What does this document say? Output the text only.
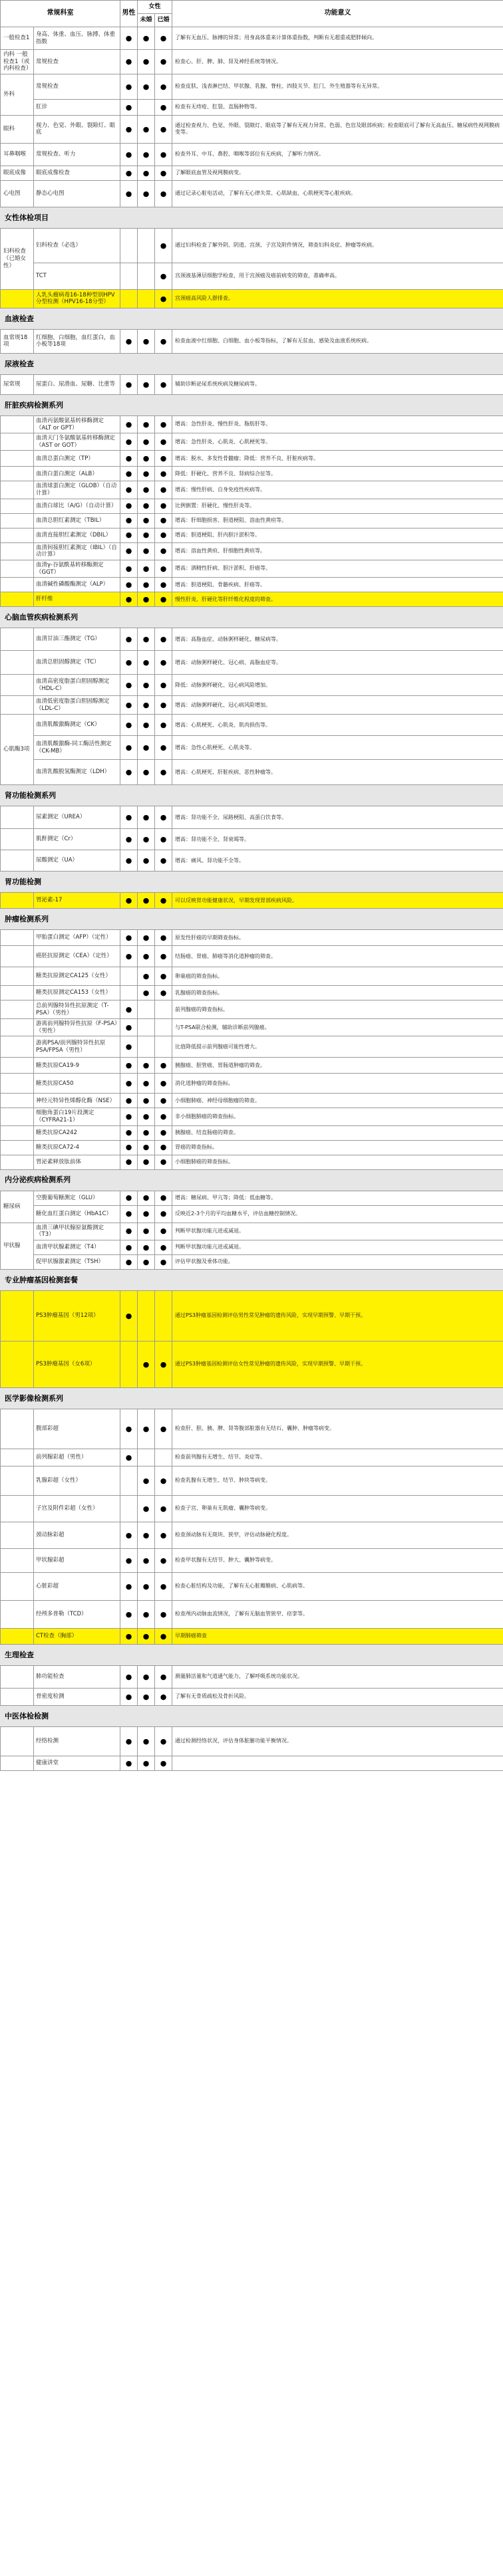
常规科室		男性	女性		功能意义
			未婚	已婚	
一般检查1	身高、体重、血压、脉搏、体重指数	●	●	●	了解有无血压、脉搏的异常；用身高体重来计算体重指数，判断有无超重或肥胖倾向。
内科 一般检查1（或内科检查）	常规检查	●	●	●	检查心、肝、脾、肺、肾及神经系统等情况。
外科	常规检查	●	●	●	检查皮肤、浅表淋巴结、甲状腺、乳腺、脊柱、四肢关节、肛门、外生殖器等有无异常。
	肛诊	●		●	检查有无痔疮、肛裂、直肠肿物等。
眼科	视力、色觉、外眼、裂隙灯、眼底	●	●	●	通过检查视力、色觉、外眼、裂隙灯、眼底等了解有无视力异常、色弱、色盲及眼部疾病；检查眼底可了解有无高血压、糖尿病性视网膜病变等。
耳鼻咽喉	常规检查、听力	●	●	●	检查外耳、中耳、鼻腔、咽喉等部位有无疾病，了解听力情况。
眼底成像	眼底成像检查	●	●	●	了解眼底血管及视网膜病变。
心电图	静态心电图	●	●	●	通过记录心脏电活动，了解有无心律失常、心肌缺血、心肌梗死等心脏疾病。
女性体检项目					
妇科检查（已婚女性）	妇科检查（必选）			●	通过妇科检查了解外阴、阴道、宫颈、子宫及附件情况，筛查妇科炎症、肿瘤等疾病。
	TCT			●	宫颈液基薄层细胞学检查，用于宫颈癌及癌前病变的筛查，准确率高。
	人乳头瘤病毒16-18种型别HPV分型检测（HPV16-18分型）			●	宫颈癌高风险人群排查。
血液检查					
血常规18项	红细胞，白细胞，血红蛋白，血小板等18项	●	●	●	检查血液中红细胞、白细胞、血小板等指标，了解有无贫血、感染及血液系统疾病。
尿液检查					
尿常规	尿蛋白、尿潜血、尿糖、比重等	●	●	●	辅助诊断泌尿系统疾病及糖尿病等。
肝脏疾病检测系列					
	血清丙氨酸氨基转移酶测定（ALT or GPT）	●	●	●	增高：急性肝炎、慢性肝炎、脂肪肝等。
	血清天门冬氨酸氨基转移酶测定（AST or GOT）	●	●	●	增高：急性肝炎、心肌炎、心肌梗死等。
	血清总蛋白测定（TP）	●	●	●	增高：脱水、多发性骨髓瘤；降低：营养不良、肝脏疾病等。
	血清白蛋白测定（ALB）	●	●	●	降低：肝硬化、营养不良、肾病综合征等。
	血清球蛋白测定（GLOB）（自动计算）	●	●	●	增高：慢性肝病、自身免疫性疾病等。
	血清白球比（A/G）（自动计算）	●	●	●	比例倒置：肝硬化、慢性肝炎等。
	血清总胆红素测定（TBIL）	●	●	●	增高：肝细胞损害、胆道梗阻、溶血性黄疸等。
	血清直接胆红素测定（DBIL）	●	●	●	增高：胆道梗阻、肝内胆汁淤积等。
	血清间接胆红素测定（IBIL）（自动计算）	●	●	●	增高：溶血性黄疸、肝细胞性黄疸等。
	血清γ-谷氨酰基转移酶测定（GGT）	●	●	●	增高：酒精性肝病、胆汁淤积、肝癌等。
	血清碱性磷酸酶测定（ALP）	●	●	●	增高：胆道梗阻、骨骼疾病、肝癌等。
	肝纤维	●	●	●	慢性肝炎、肝硬化等肝纤维化程度的筛查。
心脑血管疾病检测系列					
	血清甘油三酯测定（TG）	●	●	●	增高：高脂血症、动脉粥样硬化、糖尿病等。
	血清总胆固醇测定（TC）	●	●	●	增高：动脉粥样硬化、冠心病、高脂血症等。
	血清高密度脂蛋白胆固醇测定（HDL-C）	●	●	●	降低：动脉粥样硬化、冠心病风险增加。
	血清低密度脂蛋白胆固醇测定（LDL-C）	●	●	●	增高：动脉粥样硬化、冠心病风险增加。
心肌酶3项	血清肌酸激酶测定（CK）	●	●	●	增高：心肌梗死、心肌炎、肌肉损伤等。
	血清肌酸激酶-同工酶活性测定（CK-MB）	●	●	●	增高：急性心肌梗死、心肌炎等。
	血清乳酸脱氢酶测定（LDH）	●	●	●	增高：心肌梗死、肝脏疾病、恶性肿瘤等。
肾功能检测系列					
	尿素测定（UREA）	●	●	●	增高：肾功能不全、尿路梗阻、高蛋白饮食等。
	肌酐测定（Cr）	●	●	●	增高：肾功能不全、肾衰竭等。
	尿酸测定（UA）	●	●	●	增高：痛风、肾功能不全等。
胃功能检测					
	胃泌素-17	●	●	●	可以反映胃功能健康状况，早期发现胃部疾病风险。
肿瘤检测系列					
	甲胎蛋白测定（AFP）（定性）	●	●	●	原发性肝癌的早期筛查指标。
	癌胚抗原测定（CEA）（定性）	●	●	●	结肠癌、胃癌、肺癌等消化道肿瘤的筛查。
	糖类抗原测定CA125（女性）		●	●	卵巢癌的筛查指标。
	糖类抗原测定CA153（女性）		●	●	乳腺癌的筛查指标。
	总前列腺特异性抗原测定（T-PSA）（男性）	●			前列腺癌的筛查指标。
	游离前列腺特异性抗原（F-PSA）（男性）	●			与T-PSA联合检测，辅助诊断前列腺癌。
	游离PSA/前列腺特异性抗原PSA/FPSA（男性）	●			比值降低提示前列腺癌可能性增大。
	糖类抗原CA19-9	●	●	●	胰腺癌、胆管癌、胃肠道肿瘤的筛查。
	糖类抗原CA50	●	●	●	消化道肿瘤的筛查指标。
	神经元特异性烯醇化酶（NSE）	●	●	●	小细胞肺癌、神经母细胞瘤的筛查。
	细胞角蛋白19片段测定（CYFRA21-1）	●	●	●	非小细胞肺癌的筛查指标。
	糖类抗原CA242	●	●	●	胰腺癌、结直肠癌的筛查。
	糖类抗原CA72-4	●	●	●	胃癌的筛查指标。
	胃泌素释放肽前体	●	●	●	小细胞肺癌的筛查指标。
内分泌疾病检测系列					
糖尿病	空腹葡萄糖测定（GLU）	●	●	●	增高：糖尿病、甲亢等；降低：低血糖等。
	糖化血红蛋白测定（HbA1C）	●	●	●	反映近2-3个月的平均血糖水平，评估血糖控制情况。
甲状腺	血清三碘甲状腺原氨酸测定（T3）	●	●	●	判断甲状腺功能亢进或减退。
	血清甲状腺素测定（T4）	●	●	●	判断甲状腺功能亢进或减退。
	促甲状腺激素测定（TSH）	●	●	●	评估甲状腺及垂体功能。
专业肿瘤基因检测套餐					
	PS3肿瘤基因（男12项）	●			通过PS3肿瘤基因检测评估男性常见肿瘤的遗传风险，实现早期预警、早期干预。
	PS3肿瘤基因（女6项）		●	●	通过PS3肿瘤基因检测评估女性常见肿瘤的遗传风险，实现早期预警、早期干预。
医学影像检测系列					
	腹部彩超	●	●	●	检查肝、胆、胰、脾、肾等腹部脏器有无结石、囊肿、肿瘤等病变。
	前列腺彩超（男性）	●			检查前列腺有无增生、结节、炎症等。
	乳腺彩超（女性）		●	●	检查乳腺有无增生、结节、肿块等病变。
	子宫及附件彩超（女性）		●	●	检查子宫、卵巢有无肌瘤、囊肿等病变。
	颈动脉彩超	●	●	●	检查颈动脉有无斑块、狭窄，评估动脉硬化程度。
	甲状腺彩超	●	●	●	检查甲状腺有无结节、肿大、囊肿等病变。
	心脏彩超	●	●	●	检查心脏结构及功能，了解有无心脏瓣膜病、心肌病等。
	经颅多普勒（TCD）	●	●	●	检查颅内动脉血流情况，了解有无脑血管狭窄、痉挛等。
	CT检查（胸部）	●	●	●	早期肺癌筛查
生理检查					
	肺功能检查	●	●	●	测量肺活量和气道通气能力，了解呼吸系统功能状况。
	骨密度检测	●	●	●	了解有无骨质疏松及骨折风险。
中医体检检测					
	经络检测	●	●	●	通过检测经络状况，评估身体脏腑功能平衡情况。
	健康讲堂	●	●	●	
